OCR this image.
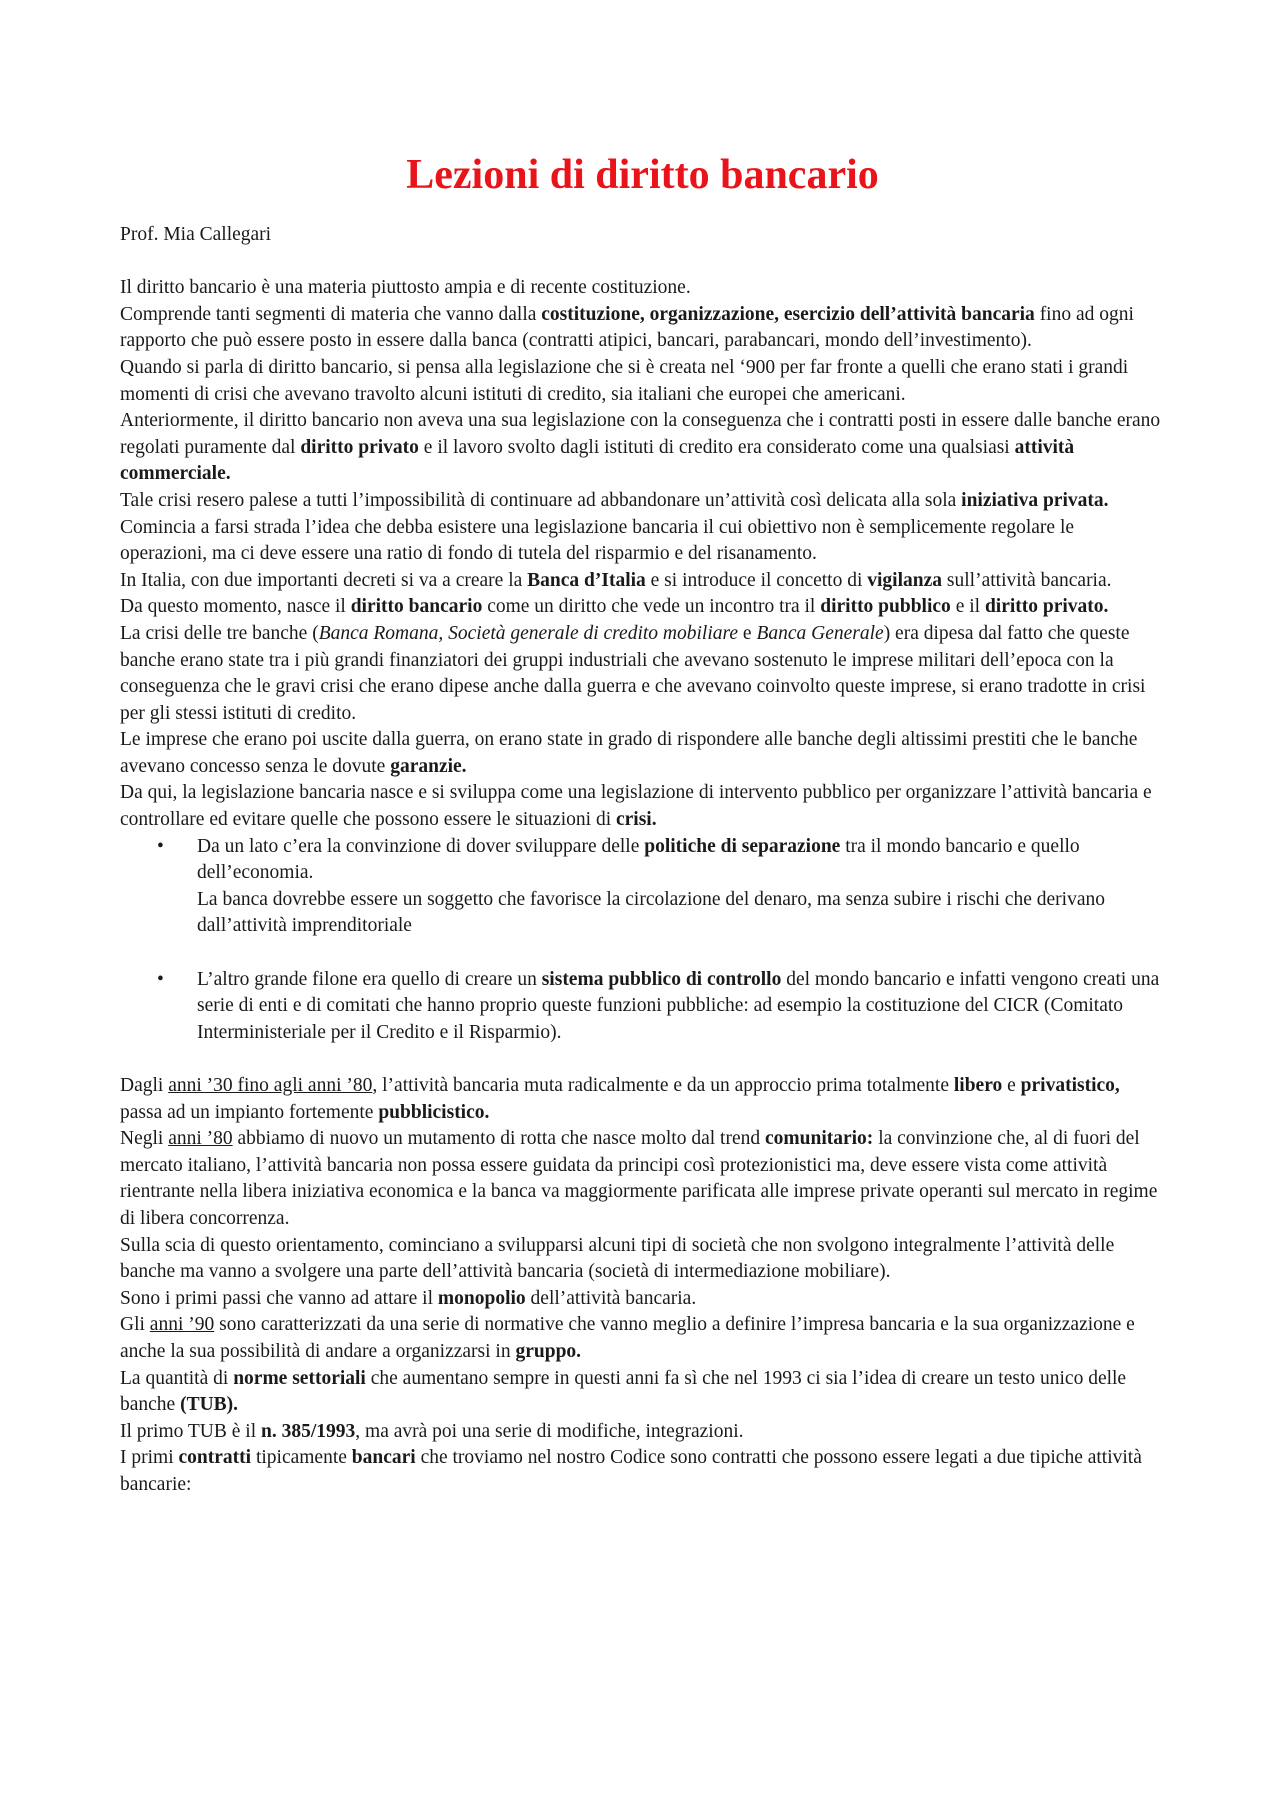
Lezioni di diritto bancario

Prof. Mia Callegari

Il diritto bancario è una materia piuttosto ampia e di recente costituzione.

Comprende tanti segmenti di materia che vanno dalla costituzione, organizzazione, esercizio dell’attività bancaria fino ad ogni rapporto che può essere posto in essere dalla banca (contratti atipici, bancari, parabancari, mondo dell’investimento).

Quando si parla di diritto bancario, si pensa alla legislazione che si è creata nel ‘900 per far fronte a quelli che erano stati i grandi momenti di crisi che avevano travolto alcuni istituti di credito, sia italiani che europei che americani.

Anteriormente, il diritto bancario non aveva una sua legislazione con la conseguenza che i contratti posti in essere dalle banche erano regolati puramente dal diritto privato e il lavoro svolto dagli istituti di credito era considerato come una qualsiasi attività commerciale.

Tale crisi resero palese a tutti l’impossibilità di continuare ad abbandonare un’attività così delicata alla sola iniziativa privata.

Comincia a farsi strada l’idea che debba esistere una legislazione bancaria il cui obiettivo non è semplicemente regolare le operazioni, ma ci deve essere una ratio di fondo di tutela del risparmio e del risanamento.

In Italia, con due importanti decreti si va a creare la Banca d’Italia e si introduce il concetto di vigilanza sull’attività bancaria.

Da questo momento, nasce il diritto bancario come un diritto che vede un incontro tra il diritto pubblico e il diritto privato.

La crisi delle tre banche (Banca Romana, Società generale di credito mobiliare e Banca Generale) era dipesa dal fatto che queste banche erano state tra i più grandi finanziatori dei gruppi industriali che avevano sostenuto le imprese militari dell’epoca con la conseguenza che le gravi crisi che erano dipese anche dalla guerra e che avevano coinvolto queste imprese, si erano tradotte in crisi per gli stessi istituti di credito.

Le imprese che erano poi uscite dalla guerra, on erano state in grado di rispondere alle banche degli altissimi prestiti che le banche avevano concesso senza le dovute garanzie.

Da qui, la legislazione bancaria nasce e si sviluppa come una legislazione di intervento pubblico per organizzare l’attività bancaria e controllare ed evitare quelle che possono essere le situazioni di crisi.

• Da un lato c’era la convinzione di dover sviluppare delle politiche di separazione tra il mondo bancario e quello dell’economia.

La banca dovrebbe essere un soggetto che favorisce la circolazione del denaro, ma senza subire i rischi che derivano dall’attività imprenditoriale

• L’altro grande filone era quello di creare un sistema pubblico di controllo del mondo bancario e infatti vengono creati una serie di enti e di comitati che hanno proprio queste funzioni pubbliche: ad esempio la costituzione del CICR (Comitato Interministeriale per il Credito e il Risparmio).

Dagli anni ’30 fino agli anni ’80, l’attività bancaria muta radicalmente e da un approccio prima totalmente libero e privatistico, passa ad un impianto fortemente pubblicistico.

Negli anni ’80 abbiamo di nuovo un mutamento di rotta che nasce molto dal trend comunitario: la convinzione che, al di fuori del mercato italiano, l’attività bancaria non possa essere guidata da principi così protezionistici ma, deve essere vista come attività rientrante nella libera iniziativa economica e la banca va maggiormente parificata alle imprese private operanti sul mercato in regime di libera concorrenza.

Sulla scia di questo orientamento, cominciano a svilupparsi alcuni tipi di società che non svolgono integralmente l’attività delle banche ma vanno a svolgere una parte dell’attività bancaria (società di intermediazione mobiliare).

Sono i primi passi che vanno ad attare il monopolio dell’attività bancaria.

Gli anni ’90 sono caratterizzati da una serie di normative che vanno meglio a definire l’impresa bancaria e la sua organizzazione e anche la sua possibilità di andare a organizzarsi in gruppo.

La quantità di norme settoriali che aumentano sempre in questi anni fa sì che nel 1993 ci sia l’idea di creare un testo unico delle banche (TUB).

Il primo TUB è il n. 385/1993, ma avrà poi una serie di modifiche, integrazioni.

I primi contratti tipicamente bancari che troviamo nel nostro Codice sono contratti che possono essere legati a due tipiche attività bancarie:
